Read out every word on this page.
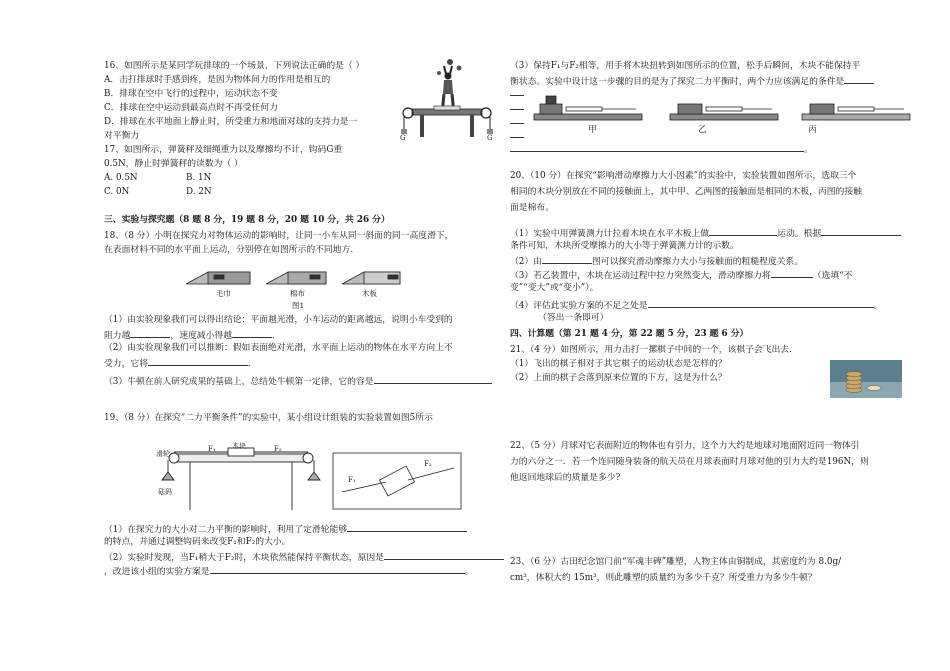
16、如图所示是某同学玩排球的一个场景，下列说法正确的是（ ）
A．击打排球时手感到疼，是因为物体间力的作用是相互的
B．排球在空中飞行的过程中，运动状态不变
C．排球在空中运动到最高点时不再受任何力
D．排球在水平地面上静止时，所受重力和地面对球的支持力是一
对平衡力	G	G
17、如图所示，弹簧秤及细绳重力以及摩擦均不计，钩码G重
0.5N，静止时弹簧秤的读数为（ ）
A. 0.5N	B. 1N
C. 0N	D. 2N
三、实验与探究题（8 题 8 分，19 题 8 分，20 题 10 分，共 26 分）
18、（8 分）小明在探究力对物体运动的影响时，让同一小车从同一斜面的同一高度滑下，
在表面材料不同的水平面上运动，分别停在如图所示的不同地方．
毛巾	棉布	木板
图1
（1）由实验现象我们可以得出结论：平面越光滑，小车运动的距离越远，说明小车受到的
阻力越	，速度减小得越	．
（2）由实验现象我们可以推断：假如表面绝对光滑，水平面上运动的物体在水平方向上不
受力，它将	．
（3）牛顿在前人研究成果的基础上，总结处牛顿第一定律，它的容是
19、（8 分）在探究“二力平衡条件”的实验中，某小组设计组装的实验装置如图5所示
滑轮
木块
砝码
F₁	F₂
F₁
F₂
（1）在探究力的大小对二力平衡的影响时，利用了定滑轮能够
的特点，并通过调整钩码来改变F₁和F₂的大小。
（2）实验时发现，当F₁稍大于F₂时，木块依然能保持平衡状态，原因是
，改进该小组的实验方案是	。
（3）保持F₁与F₂相等，用手将木块扭转到如图所示的位置，松手后瞬间，木块不能保持平
衡状态。实验中设计这一步骤的目的是为了探究二力平衡时，两个力应该满足的条件是
甲	乙	丙
。
20、（10 分）在探究“影响滑动摩擦力大小因素”的实验中，实验装置如图所示，选取三个
相同的木块分别放在不同的接触面上，其中甲、乙两图的接触面是相同的木板，丙图的接触
面是棉布。
（1）实验中用弹簧测力计拉着木块在水平木板上做	运动。根据
条件可知，木块所受摩擦力的大小等于弹簧测力计的示数。
（2）由	图可以探究滑动摩擦力大小与接触面的粗糙程度关系。
（3）若乙装置中，木块在运动过程中拉力突然变大，滑动摩擦力将	（选填“不
变”“变大”或“变小”）。
（4）评估此实验方案的不足之处是	。
（答出一条即可）
四、计算题（第 21 题 4 分，第 22 题 5 分，23 题 6 分）
21、（4 分）如图所示，用力击打一摞棋子中间的一个，该棋子会飞出去．
（1）飞出的棋子相对于其它棋子的运动状态是怎样的？
（2）上面的棋子会落到原来位置的下方，这是为什么？
22、（5 分）月球对它表面附近的物体也有引力，这个力大约是地球对地面附近同一物体引
力的六分之一．若一个连同随身装备的航天员在月球表面时月球对他的引力大约是196N，则
他返回地球后的质量是多少?
23、（6 分）古田纪念馆门前“军魂丰碑”雕塑，人物主体由铜制成，其密度约为 8.0g/
cm³，体积大约 15m³，则此雕塑的质量约为多少千克？所受重力为多少牛顿？
